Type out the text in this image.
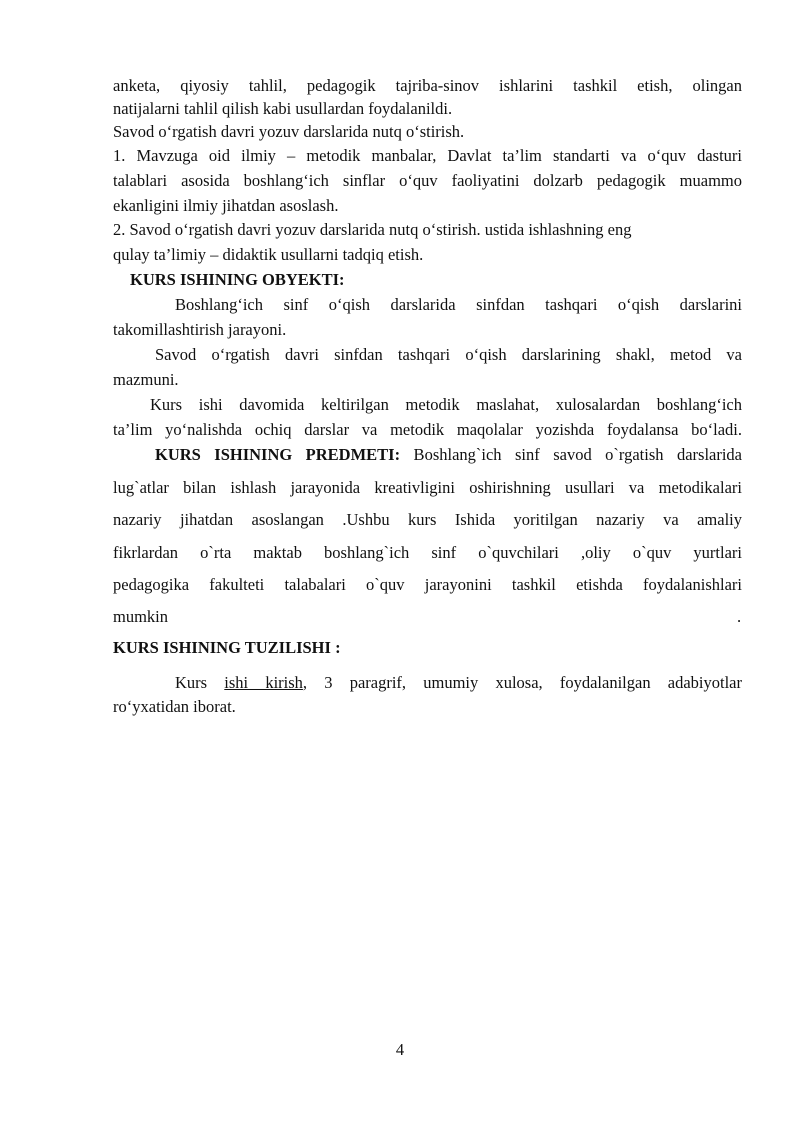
anketa, qiyosiy tahlil, pedagogik tajriba-sinov ishlarini tashkil etish, olingan

natijalarni tahlil qilish kabi usullardan foydalanildi.

Savod o‘rgatish davri yozuv darslarida nutq o‘stirish.

1. Mavzuga oid ilmiy – metodik manbalar, Davlat ta’lim standarti va o‘quv dasturi

talablari asosida boshlang‘ich sinflar o‘quv faoliyatini dolzarb pedagogik muammo

ekanligini ilmiy jihatdan asoslash.

2. Savod o‘rgatish davri yozuv darslarida nutq o‘stirish. ustida ishlashning eng

qulay ta’limiy – didaktik usullarni tadqiq etish.

KURS ISHINING OBYEKTI:

Boshlang‘ich sinf o‘qish darslarida sinfdan tashqari o‘qish darslarini

takomillashtirish jarayoni.

Savod o‘rgatish davri sinfdan tashqari o‘qish darslarining shakl, metod va

mazmuni.

Kurs ishi davomida keltirilgan metodik maslahat, xulosalardan boshlang‘ich

ta’lim yo‘nalishda ochiq darslar va metodik maqolalar yozishda foydalansa bo‘ladi.

KURS ISHINING PREDMETI: Boshlang`ich sinf savod o`rgatish darslarida

lug`atlar bilan ishlash jarayonida kreativligini oshirishning usullari va metodikalari

nazariy jihatdan asoslangan .Ushbu kurs Ishida yoritilgan nazariy va amaliy

fikrlardan o`rta maktab boshlang`ich sinf o`quvchilari ,oliy o`quv yurtlari

pedagogika fakulteti talabalari o`quv jarayonini tashkil etishda foydalanishlari

mumkin	.

KURS ISHINING TUZILISHI :

Kurs ishi kirish, 3 paragrif, umumiy xulosa, foydalanilgan adabiyotlar

ro‘yxatidan iborat.

4
